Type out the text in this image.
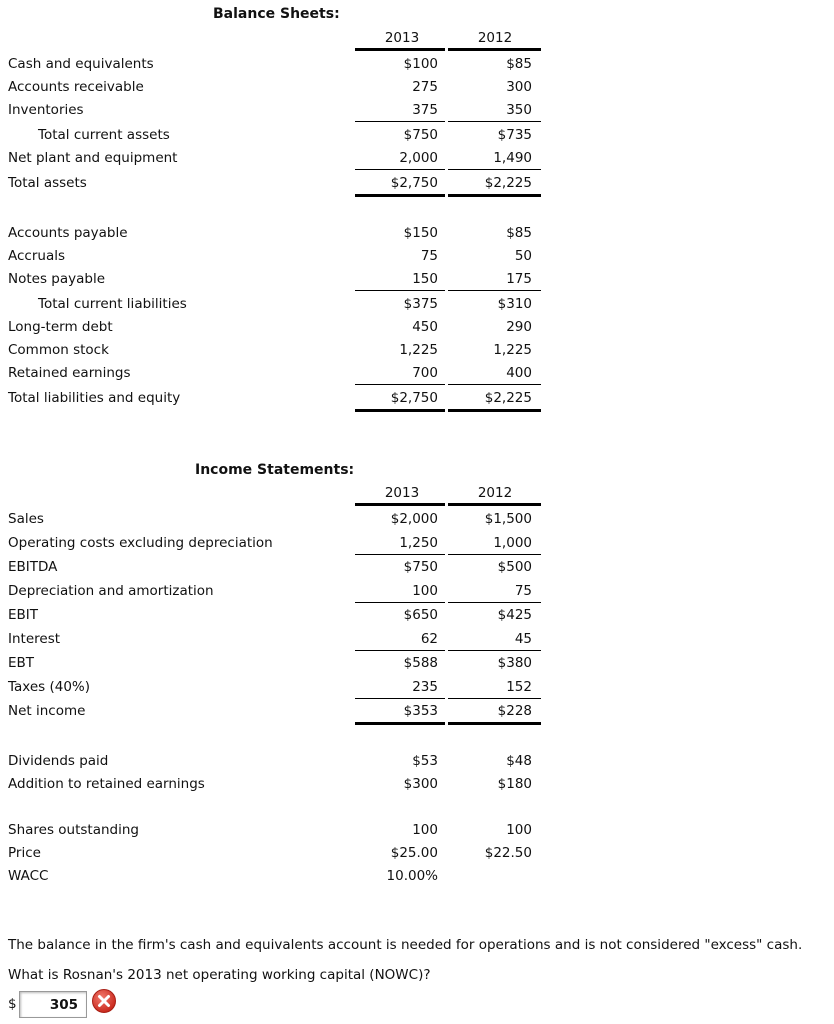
Balance Sheets:
2013	2012
Cash and equivalents	$100	$85
Accounts receivable	275	300
Inventories	375	350
Total current assets	$750	$735
Net plant and equipment	2,000	1,490
Total assets	$2,750	$2,225
Accounts payable	$150	$85
Accruals	75	50
Notes payable	150	175
Total current liabilities	$375	$310
Long-term debt	450	290
Common stock	1,225	1,225
Retained earnings	700	400
Total liabilities and equity	$2,750	$2,225
Income Statements:
2013	2012
Sales	$2,000	$1,500
Operating costs excluding depreciation	1,250	1,000
EBITDA	$750	$500
Depreciation and amortization	100	75
EBIT	$650	$425
Interest	62	45
EBT	$588	$380
Taxes (40%)	235	152
Net income	$353	$228
Dividends paid	$53	$48
Addition to retained earnings	$300	$180
Shares outstanding	100	100
Price	$25.00	$22.50
WACC	10.00%
The balance in the firm's cash and equivalents account is needed for operations and is not considered "excess" cash.
What is Rosnan's 2013 net operating working capital (NOWC)?
$ 305
